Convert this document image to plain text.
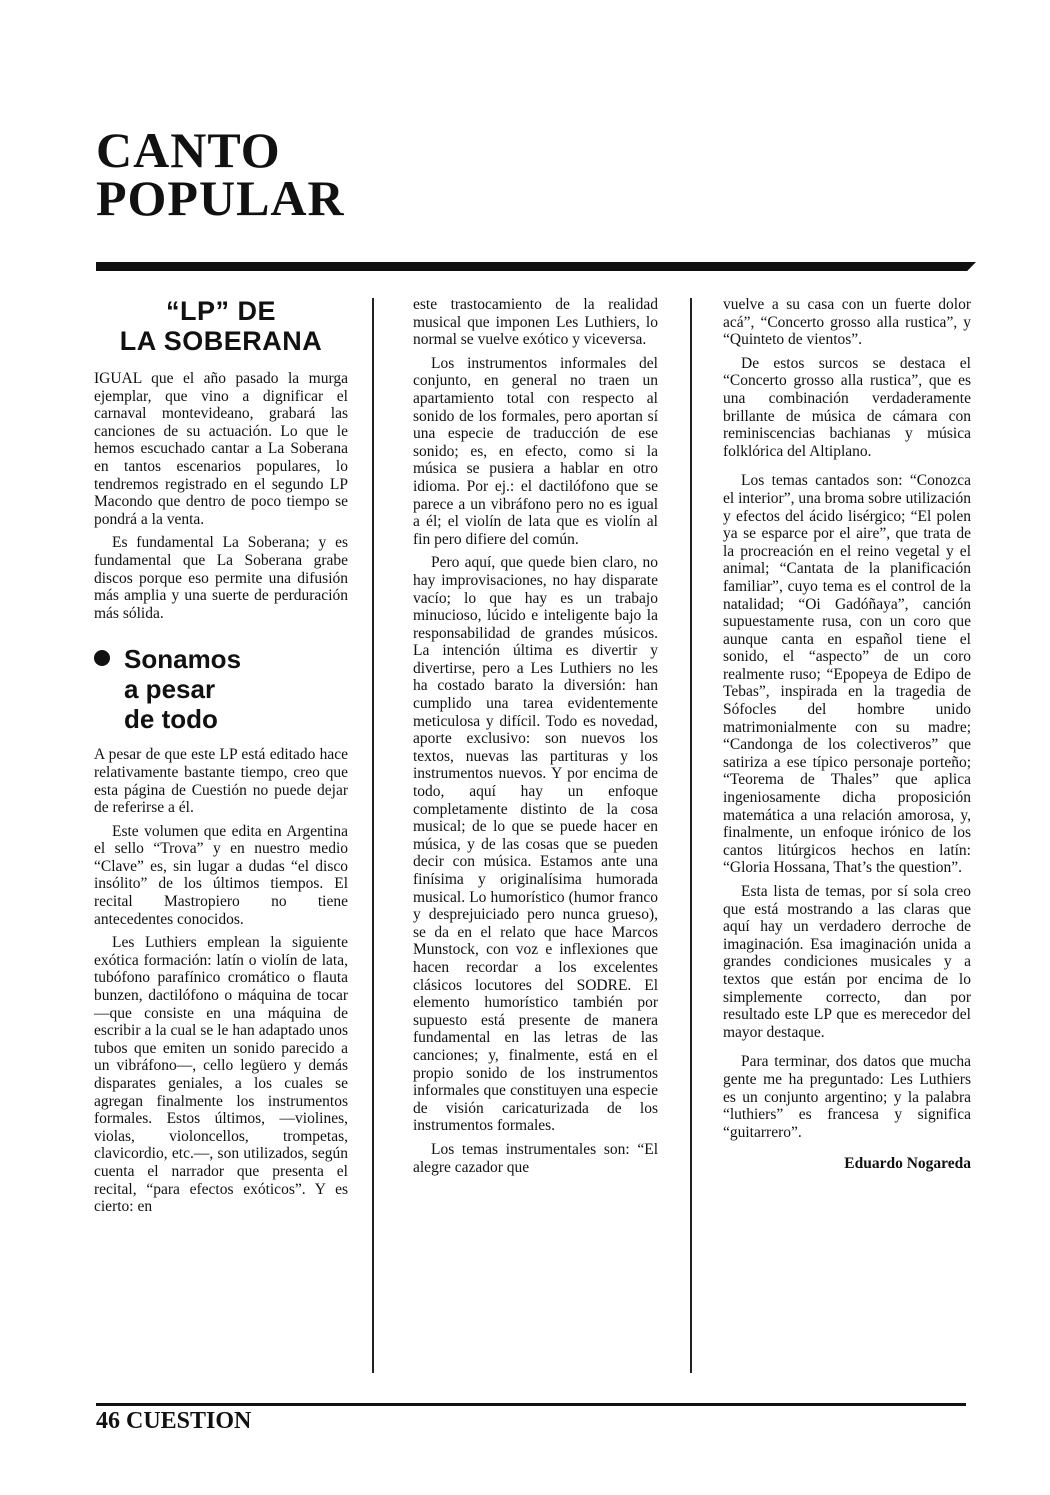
CANTO
POPULAR
“LP” DE
LA SOBERANA

IGUAL que el año pasado la murga ejemplar, que vino a dignificar el carnaval montevideano, grabará las canciones de su actuación. Lo que le hemos escuchado cantar a La Soberana en tantos escenarios populares, lo tendremos registrado en el segundo LP Macondo que dentro de poco tiempo se pondrá a la venta.

Es fundamental La Soberana; y es fundamental que La Soberana grabe discos porque eso permite una difusión más amplia y una suerte de perduración más sólida.

Sonamos
a pesar
de todo

A pesar de que este LP está editado hace relativamente bastante tiempo, creo que esta página de Cuestión no puede dejar de referirse a él.

Este volumen que edita en Argentina el sello “Trova” y en nuestro medio “Clave” es, sin lugar a dudas “el disco insólito” de los últimos tiempos. El recital Mastropiero no tiene antecedentes conocidos.

Les Luthiers emplean la siguiente exótica formación: latín o violín de lata, tubófono parafínico cromático o flauta bunzen, dactilófono o máquina de tocar —que consiste en una máquina de escribir a la cual se le han adaptado unos tubos que emiten un sonido parecido a un vibráfono—, cello legüero y demás disparates geniales, a los cuales se agregan finalmente los instrumentos formales. Estos últimos, —violines, violas, violoncellos, trompetas, clavicordio, etc.—, son utilizados, según cuenta el narrador que presenta el recital, “para efectos exóticos”. Y es cierto: en

este trastocamiento de la realidad musical que imponen Les Luthiers, lo normal se vuelve exótico y viceversa.

Los instrumentos informales del conjunto, en general no traen un apartamiento total con respecto al sonido de los formales, pero aportan sí una especie de traducción de ese sonido; es, en efecto, como si la música se pusiera a hablar en otro idioma. Por ej.: el dactilófono que se parece a un vibráfono pero no es igual a él; el violín de lata que es violín al fin pero difiere del común.

Pero aquí, que quede bien claro, no hay improvisaciones, no hay disparate vacío; lo que hay es un trabajo minucioso, lúcido e inteligente bajo la responsabilidad de grandes músicos. La intención última es divertir y divertirse, pero a Les Luthiers no les ha costado barato la diversión: han cumplido una tarea evidentemente meticulosa y difícil. Todo es novedad, aporte exclusivo: son nuevos los textos, nuevas las partituras y los instrumentos nuevos. Y por encima de todo, aquí hay un enfoque completamente distinto de la cosa musical; de lo que se puede hacer en música, y de las cosas que se pueden decir con música. Estamos ante una finísima y originalísima humorada musical. Lo humorístico (humor franco y desprejuiciado pero nunca grueso), se da en el relato que hace Marcos Munstock, con voz e inflexiones que hacen recordar a los excelentes clásicos locutores del SODRE. El elemento humorístico también por supuesto está presente de manera fundamental en las letras de las canciones; y, finalmente, está en el propio sonido de los instrumentos informales que constituyen una especie de visión caricaturizada de los instrumentos formales.

Los temas instrumentales son: “El alegre cazador que

vuelve a su casa con un fuerte dolor acá”, “Concerto grosso alla rustica”, y “Quinteto de vientos”.

De estos surcos se destaca el “Concerto grosso alla rustica”, que es una combinación verdaderamente brillante de música de cámara con reminiscencias bachianas y música folklórica del Altiplano.

Los temas cantados son: “Conozca el interior”, una broma sobre utilización y efectos del ácido lisérgico; “El polen ya se esparce por el aire”, que trata de la procreación en el reino vegetal y el animal; “Cantata de la planificación familiar”, cuyo tema es el control de la natalidad; “Oi Gadóñaya”, canción supuestamente rusa, con un coro que aunque canta en español tiene el sonido, el “aspecto” de un coro realmente ruso; “Epopeya de Edipo de Tebas”, inspirada en la tragedia de Sófocles del hombre unido matrimonialmente con su madre; “Candonga de los colectiveros” que satiriza a ese típico personaje porteño; “Teorema de Thales” que aplica ingeniosamente dicha proposición matemática a una relación amorosa, y, finalmente, un enfoque irónico de los cantos litúrgicos hechos en latín: “Gloria Hossana, That’s the question”.

Esta lista de temas, por sí sola creo que está mostrando a las claras que aquí hay un verdadero derroche de imaginación. Esa imaginación unida a grandes condiciones musicales y a textos que están por encima de lo simplemente correcto, dan por resultado este LP que es merecedor del mayor destaque.

Para terminar, dos datos que mucha gente me ha preguntado: Les Luthiers es un conjunto argentino; y la palabra “luthiers” es francesa y significa “guitarrero”.

Eduardo Nogareda
46 CUESTION
